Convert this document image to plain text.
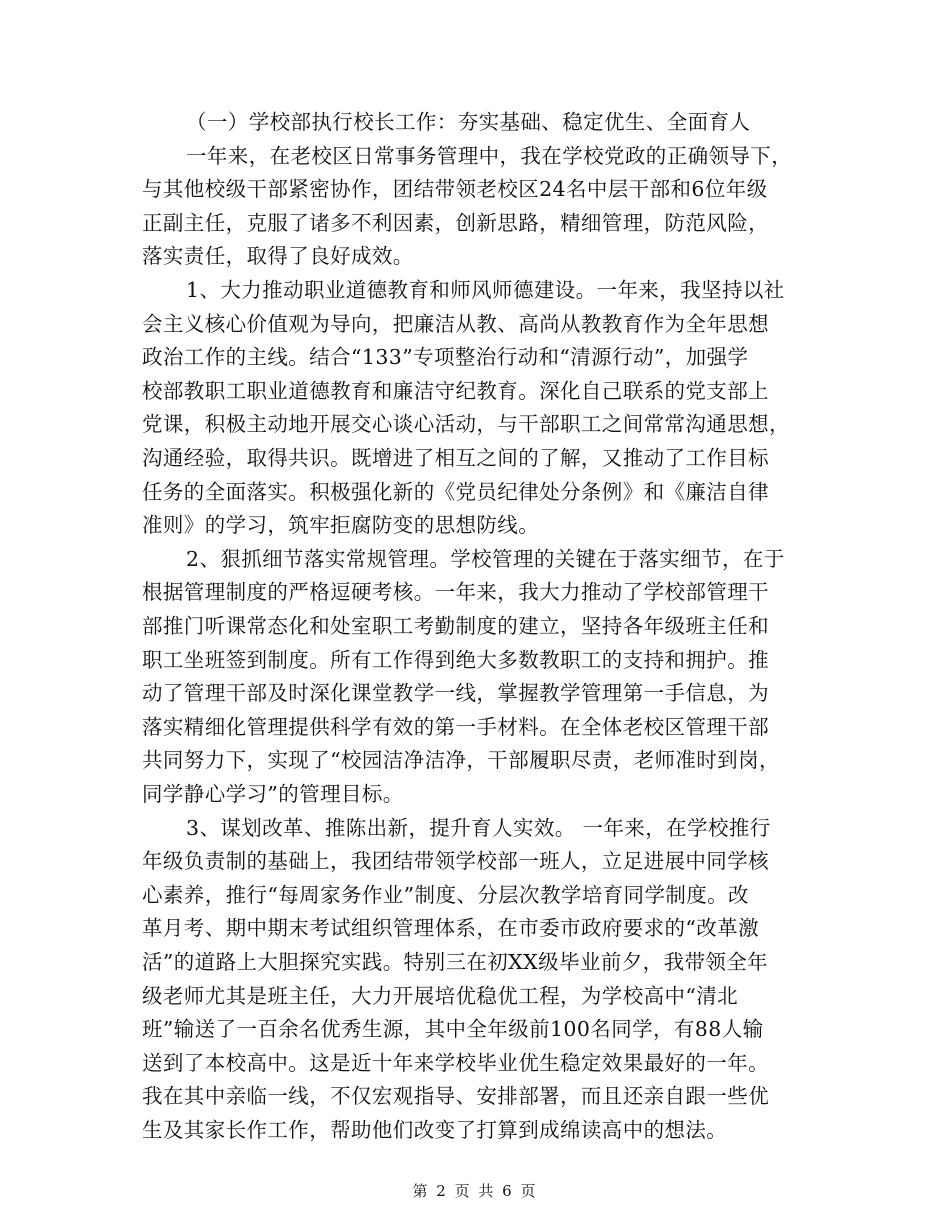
（一）学校部执行校长工作：夯实基础、稳定优生、全面育人
一年来，在老校区日常事务管理中，我在学校党政的正确领导下，
与其他校级干部紧密协作，团结带领老校区24名中层干部和6位年级
正副主任，克服了诸多不利因素，创新思路，精细管理，防范风险，
落实责任，取得了良好成效。
1、大力推动职业道德教育和师风师德建设。一年来，我坚持以社
会主义核心价值观为导向，把廉洁从教、高尚从教教育作为全年思想
政治工作的主线。结合“133”专项整治行动和“清源行动”，加强学
校部教职工职业道德教育和廉洁守纪教育。深化自己联系的党支部上
党课，积极主动地开展交心谈心活动，与干部职工之间常常沟通思想，
沟通经验，取得共识。既增进了相互之间的了解，又推动了工作目标
任务的全面落实。积极强化新的《党员纪律处分条例》和《廉洁自律
准则》的学习，筑牢拒腐防变的思想防线。
2、狠抓细节落实常规管理。学校管理的关键在于落实细节，在于
根据管理制度的严格逗硬考核。一年来，我大力推动了学校部管理干
部推门听课常态化和处室职工考勤制度的建立，坚持各年级班主任和
职工坐班签到制度。所有工作得到绝大多数教职工的支持和拥护。推
动了管理干部及时深化课堂教学一线，掌握教学管理第一手信息，为
落实精细化管理提供科学有效的第一手材料。在全体老校区管理干部
共同努力下，实现了“校园洁净洁净，干部履职尽责，老师准时到岗，
同学静心学习”的管理目标。
3、谋划改革、推陈出新，提升育人实效。 一年来，在学校推行
年级负责制的基础上，我团结带领学校部一班人，立足进展中同学核
心素养，推行“每周家务作业”制度、分层次教学培育同学制度。改
革月考、期中期末考试组织管理体系，在市委市政府要求的“改革激
活”的道路上大胆探究实践。特别三在初XX级毕业前夕，我带领全年
级老师尤其是班主任，大力开展培优稳优工程，为学校高中“清北
班”输送了一百余名优秀生源，其中全年级前100名同学，有88人输
送到了本校高中。这是近十年来学校毕业优生稳定效果最好的一年。
我在其中亲临一线，不仅宏观指导、安排部署，而且还亲自跟一些优
生及其家长作工作，帮助他们改变了打算到成绵读高中的想法。
第 2 页 共 6 页
